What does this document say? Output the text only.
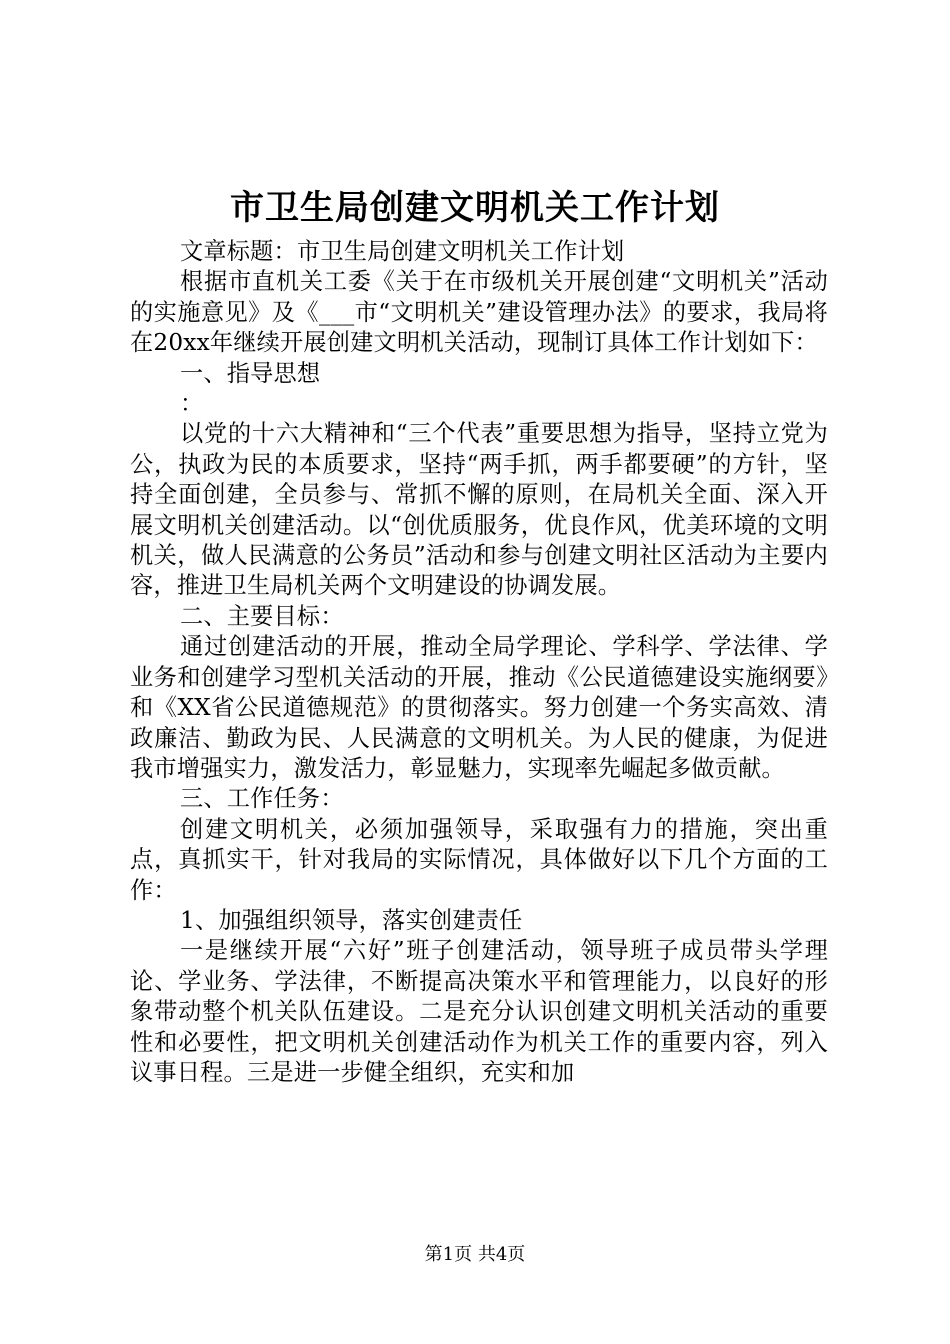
市卫生局创建文明机关工作计划

文章标题：市卫生局创建文明机关工作计划

根据市直机关工委《关于在市级机关开展创建“文明机关”活动的实施意见》及《___市“文明机关”建设管理办法》的要求，我局将在20xx年继续开展创建文明机关活动，现制订具体工作计划如下：

一、指导思想

：

以党的十六大精神和“三个代表”重要思想为指导，坚持立党为公，执政为民的本质要求，坚持“两手抓，两手都要硬”的方针，坚持全面创建，全员参与、常抓不懈的原则，在局机关全面、深入开展文明机关创建活动。以“创优质服务，优良作风，优美环境的文明机关，做人民满意的公务员”活动和参与创建文明社区活动为主要内容，推进卫生局机关两个文明建设的协调发展。

二、主要目标：

通过创建活动的开展，推动全局学理论、学科学、学法律、学业务和创建学习型机关活动的开展，推动《公民道德建设实施纲要》和《XX省公民道德规范》的贯彻落实。努力创建一个务实高效、清政廉洁、勤政为民、人民满意的文明机关。为人民的健康，为促进我市增强实力，激发活力，彰显魅力，实现率先崛起多做贡献。

三、工作任务：

创建文明机关，必须加强领导，采取强有力的措施，突出重点，真抓实干，针对我局的实际情况，具体做好以下几个方面的工作：

1、加强组织领导，落实创建责任

一是继续开展“六好”班子创建活动，领导班子成员带头学理论、学业务、学法律，不断提高决策水平和管理能力，以良好的形象带动整个机关队伍建设。二是充分认识创建文明机关活动的重要性和必要性，把文明机关创建活动作为机关工作的重要内容，列入议事日程。三是进一步健全组织，充实和加

第1页 共4页
